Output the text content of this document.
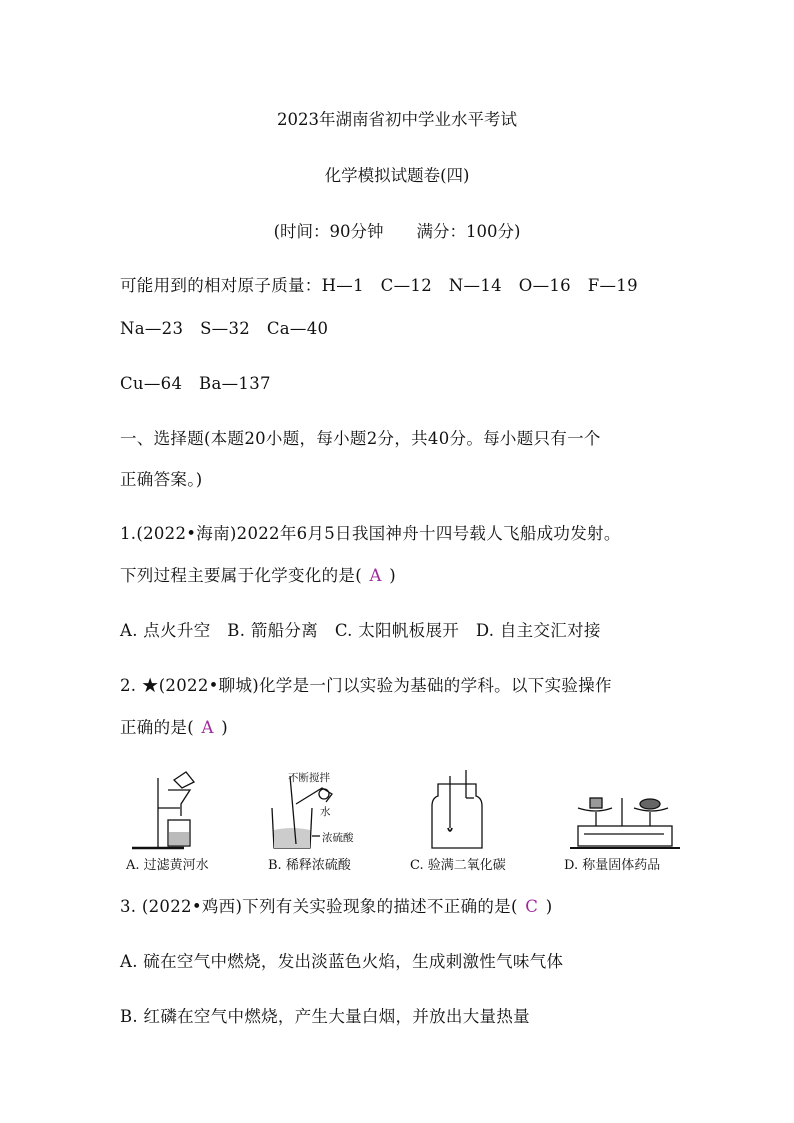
2023年湖南省初中学业水平考试
化学模拟试题卷(四)
(时间：90分钟　　满分：100分)
可能用到的相对原子质量：H—1　C—12　N—14　O—16　F—19
Na—23　S—32　Ca—40
Cu—64　Ba—137
一、选择题(本题20小题，每小题2分，共40分。每小题只有一个
正确答案。)
1.(2022•海南)2022年6月5日我国神舟十四号载人飞船成功发射。
下列过程主要属于化学变化的是( A )
A. 点火升空　B. 箭船分离　C. 太阳帆板展开　D. 自主交汇对接
2. ★(2022•聊城)化学是一门以实验为基础的学科。以下实验操作
正确的是( A )
A. 过滤黄河水
不断搅拌
水
浓硫酸
B. 稀释浓硫酸	C. 验满二氧化碳	D. 称量固体药品
3. (2022•鸡西)下列有关实验现象的描述不正确的是( C )
A. 硫在空气中燃烧，发出淡蓝色火焰，生成刺激性气味气体
B. 红磷在空气中燃烧，产生大量白烟，并放出大量热量
